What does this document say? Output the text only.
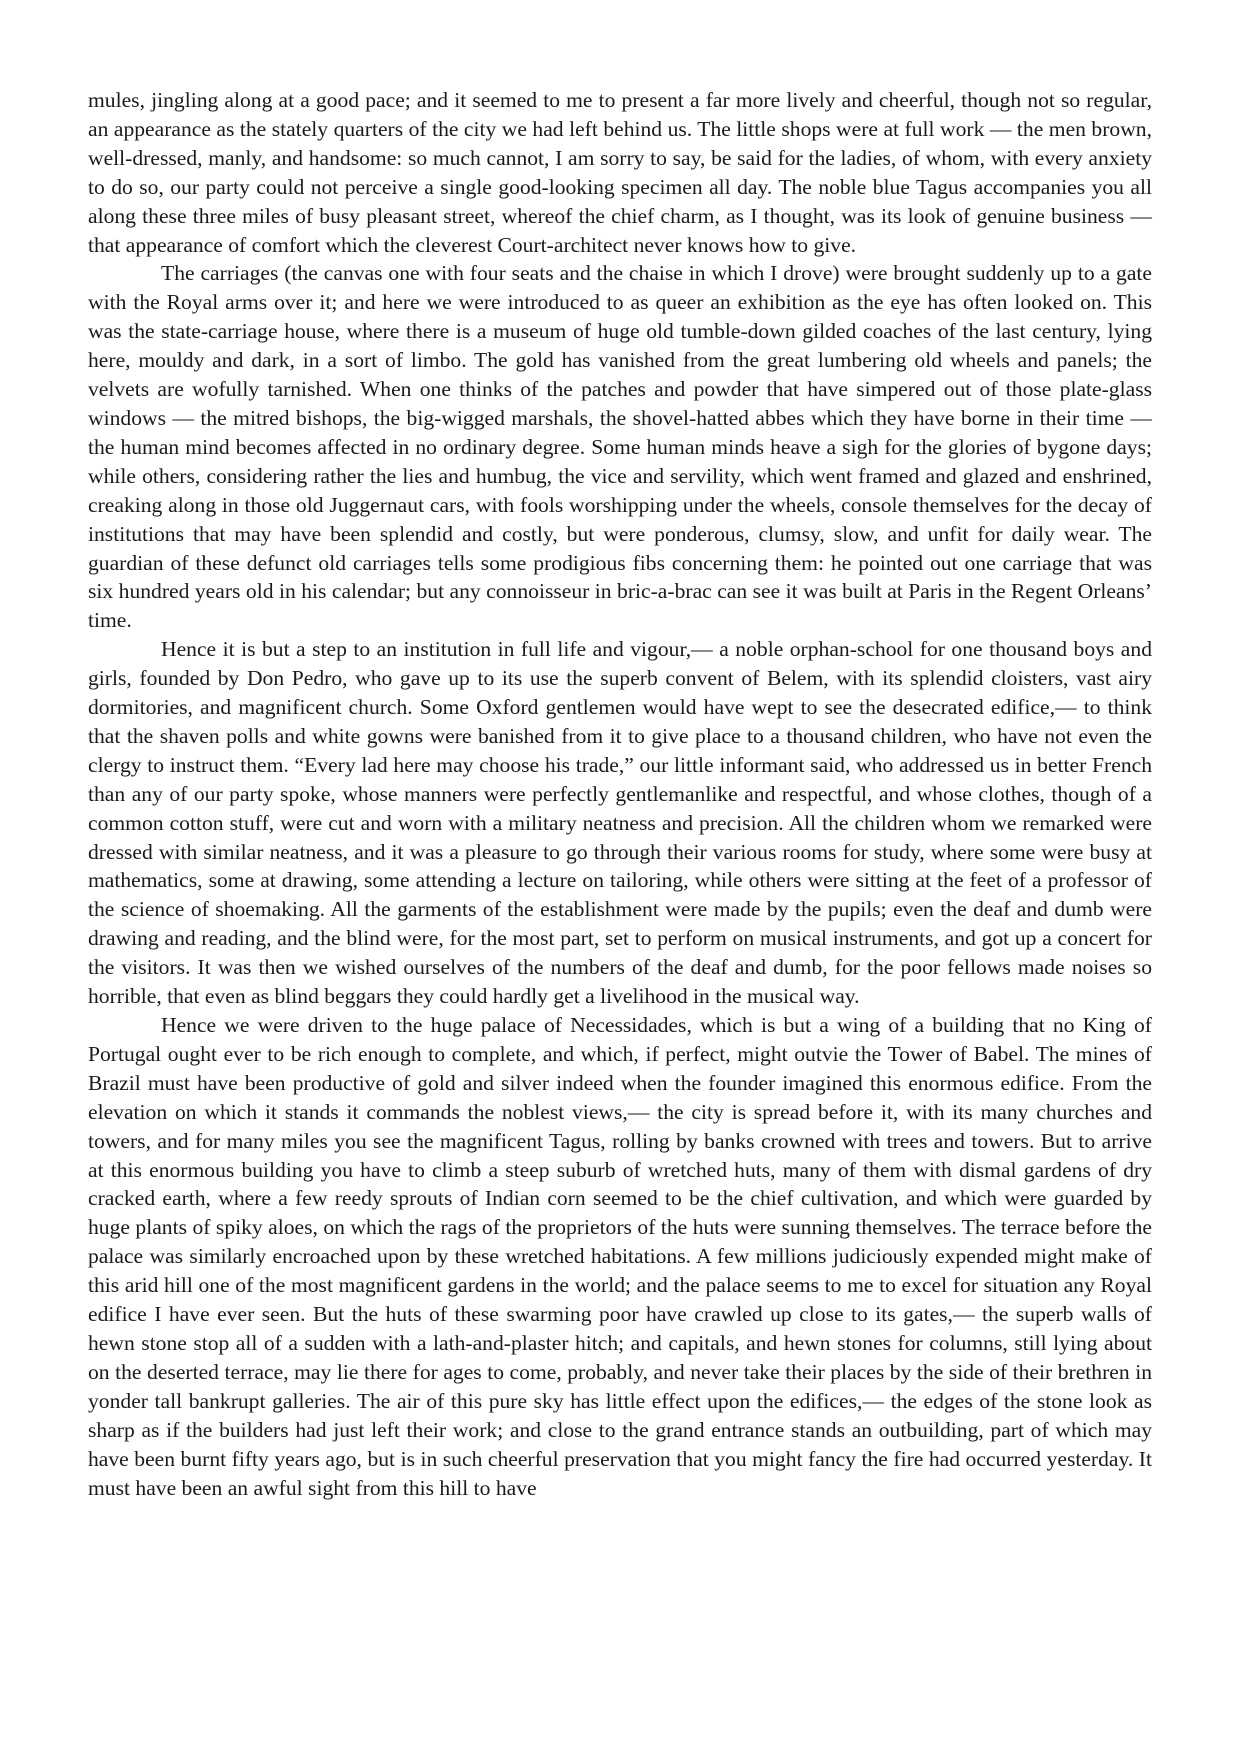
mules, jingling along at a good pace; and it seemed to me to present a far more lively and cheerful, though not so regular, an appearance as the stately quarters of the city we had left behind us. The little shops were at full work — the men brown, well-dressed, manly, and handsome: so much cannot, I am sorry to say, be said for the ladies, of whom, with every anxiety to do so, our party could not perceive a single good-looking specimen all day. The noble blue Tagus accompanies you all along these three miles of busy pleasant street, whereof the chief charm, as I thought, was its look of genuine business — that appearance of comfort which the cleverest Court-architect never knows how to give.

The carriages (the canvas one with four seats and the chaise in which I drove) were brought suddenly up to a gate with the Royal arms over it; and here we were introduced to as queer an exhibition as the eye has often looked on. This was the state-carriage house, where there is a museum of huge old tumble-down gilded coaches of the last century, lying here, mouldy and dark, in a sort of limbo. The gold has vanished from the great lumbering old wheels and panels; the velvets are wofully tarnished. When one thinks of the patches and powder that have simpered out of those plate-glass windows — the mitred bishops, the big-wigged marshals, the shovel-hatted abbes which they have borne in their time — the human mind becomes affected in no ordinary degree. Some human minds heave a sigh for the glories of bygone days; while others, considering rather the lies and humbug, the vice and servility, which went framed and glazed and enshrined, creaking along in those old Juggernaut cars, with fools worshipping under the wheels, console themselves for the decay of institutions that may have been splendid and costly, but were ponderous, clumsy, slow, and unfit for daily wear. The guardian of these defunct old carriages tells some prodigious fibs concerning them: he pointed out one carriage that was six hundred years old in his calendar; but any connoisseur in bric-a-brac can see it was built at Paris in the Regent Orleans’ time.

Hence it is but a step to an institution in full life and vigour,— a noble orphan-school for one thousand boys and girls, founded by Don Pedro, who gave up to its use the superb convent of Belem, with its splendid cloisters, vast airy dormitories, and magnificent church. Some Oxford gentlemen would have wept to see the desecrated edifice,— to think that the shaven polls and white gowns were banished from it to give place to a thousand children, who have not even the clergy to instruct them. “Every lad here may choose his trade,” our little informant said, who addressed us in better French than any of our party spoke, whose manners were perfectly gentlemanlike and respectful, and whose clothes, though of a common cotton stuff, were cut and worn with a military neatness and precision. All the children whom we remarked were dressed with similar neatness, and it was a pleasure to go through their various rooms for study, where some were busy at mathematics, some at drawing, some attending a lecture on tailoring, while others were sitting at the feet of a professor of the science of shoemaking. All the garments of the establishment were made by the pupils; even the deaf and dumb were drawing and reading, and the blind were, for the most part, set to perform on musical instruments, and got up a concert for the visitors. It was then we wished ourselves of the numbers of the deaf and dumb, for the poor fellows made noises so horrible, that even as blind beggars they could hardly get a livelihood in the musical way.

Hence we were driven to the huge palace of Necessidades, which is but a wing of a building that no King of Portugal ought ever to be rich enough to complete, and which, if perfect, might outvie the Tower of Babel. The mines of Brazil must have been productive of gold and silver indeed when the founder imagined this enormous edifice. From the elevation on which it stands it commands the noblest views,— the city is spread before it, with its many churches and towers, and for many miles you see the magnificent Tagus, rolling by banks crowned with trees and towers. But to arrive at this enormous building you have to climb a steep suburb of wretched huts, many of them with dismal gardens of dry cracked earth, where a few reedy sprouts of Indian corn seemed to be the chief cultivation, and which were guarded by huge plants of spiky aloes, on which the rags of the proprietors of the huts were sunning themselves. The terrace before the palace was similarly encroached upon by these wretched habitations. A few millions judiciously expended might make of this arid hill one of the most magnificent gardens in the world; and the palace seems to me to excel for situation any Royal edifice I have ever seen. But the huts of these swarming poor have crawled up close to its gates,— the superb walls of hewn stone stop all of a sudden with a lath-and-plaster hitch; and capitals, and hewn stones for columns, still lying about on the deserted terrace, may lie there for ages to come, probably, and never take their places by the side of their brethren in yonder tall bankrupt galleries. The air of this pure sky has little effect upon the edifices,— the edges of the stone look as sharp as if the builders had just left their work; and close to the grand entrance stands an outbuilding, part of which may have been burnt fifty years ago, but is in such cheerful preservation that you might fancy the fire had occurred yesterday. It must have been an awful sight from this hill to have
